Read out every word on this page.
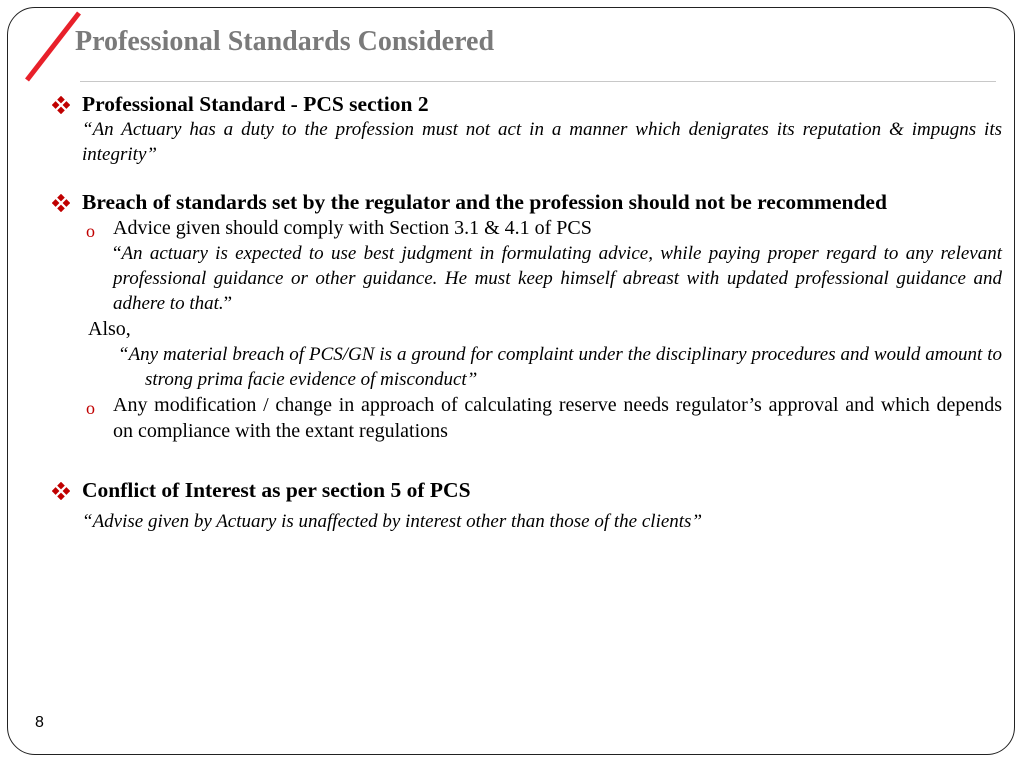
Professional Standards Considered
Professional Standard - PCS section 2
“An Actuary has a duty to the profession must not act in a manner which denigrates its reputation & impugns its integrity”
Breach of standards set by the regulator and the profession should not be recommended
o Advice given should comply with Section 3.1 & 4.1 of PCS
“An actuary is expected to use best judgment in formulating advice, while paying proper regard to any relevant professional guidance or other guidance. He must keep himself abreast with updated professional guidance and adhere to that.”
Also,
“Any material breach of PCS/GN is a ground for complaint under the disciplinary procedures and would amount to strong prima facie evidence of misconduct”
o Any modification / change in approach of calculating reserve needs regulator’s approval and which depends on compliance with the extant regulations
Conflict of Interest as per section 5 of PCS
“Advise given by Actuary is unaffected by interest other than those of the clients”
8
